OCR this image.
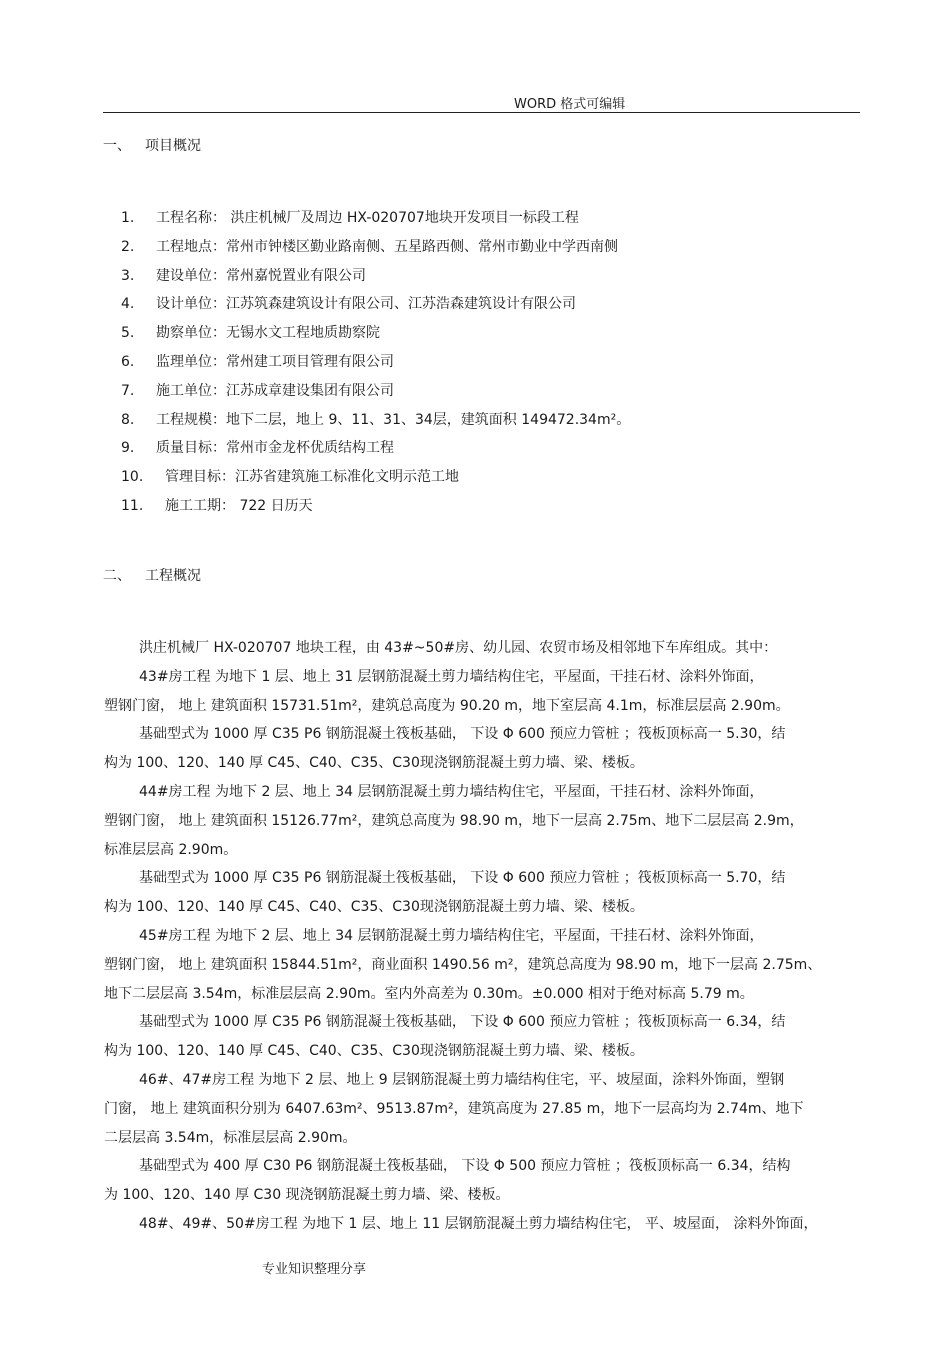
WORD 格式可编辑
一、 项目概况
1. 工程名称： 洪庄机械厂及周边 HX-020707地块开发项目一标段工程
2. 工程地点：常州市钟楼区勤业路南侧、五星路西侧、常州市勤业中学西南侧
3. 建设单位：常州嘉悦置业有限公司
4. 设计单位：江苏筑森建筑设计有限公司、江苏浩森建筑设计有限公司
5. 勘察单位：无锡水文工程地质勘察院
6. 监理单位：常州建工项目管理有限公司
7. 施工单位：江苏成章建设集团有限公司
8. 工程规模：地下二层，地上 9、11、31、34层，建筑面积 149472.34m²。
9. 质量目标：常州市金龙杯优质结构工程
10. 管理目标：江苏省建筑施工标准化文明示范工地
11. 施工工期： 722 日历天
二、 工程概况
洪庄机械厂 HX-020707 地块工程，由 43#~50#房、幼儿园、农贸市场及相邻地下车库组成。其中：
43#房工程 为地下 1 层、地上 31 层钢筋混凝土剪力墙结构住宅，平屋面，干挂石材、涂料外饰面，
塑钢门窗， 地上 建筑面积 15731.51m²，建筑总高度为 90.20 m，地下室层高 4.1m，标准层层高 2.90m。
基础型式为 1000 厚 C35 P6 钢筋混凝土筏板基础， 下设 Φ 600 预应力管桩 ；筏板顶标高一 5.30，结
构为 100、120、140 厚 C45、C40、C35、C30现浇钢筋混凝土剪力墙、梁、楼板。
44#房工程 为地下 2 层、地上 34 层钢筋混凝土剪力墙结构住宅，平屋面，干挂石材、涂料外饰面，
塑钢门窗， 地上 建筑面积 15126.77m²，建筑总高度为 98.90 m，地下一层高 2.75m、地下二层层高 2.9m，
标准层层高 2.90m。
基础型式为 1000 厚 C35 P6 钢筋混凝土筏板基础， 下设 Φ 600 预应力管桩 ；筏板顶标高一 5.70，结
构为 100、120、140 厚 C45、C40、C35、C30现浇钢筋混凝土剪力墙、梁、楼板。
45#房工程 为地下 2 层、地上 34 层钢筋混凝土剪力墙结构住宅，平屋面，干挂石材、涂料外饰面，
塑钢门窗， 地上 建筑面积 15844.51m²，商业面积 1490.56 m²，建筑总高度为 98.90 m，地下一层高 2.75m、
地下二层层高 3.54m，标准层层高 2.90m。室内外高差为 0.30m。±0.000 相对于绝对标高 5.79 m。
基础型式为 1000 厚 C35 P6 钢筋混凝土筏板基础， 下设 Φ 600 预应力管桩 ；筏板顶标高一 6.34，结
构为 100、120、140 厚 C45、C40、C35、C30现浇钢筋混凝土剪力墙、梁、楼板。
46#、47#房工程 为地下 2 层、地上 9 层钢筋混凝土剪力墙结构住宅，平、坡屋面，涂料外饰面，塑钢
门窗， 地上 建筑面积分别为 6407.63m²、9513.87m²，建筑高度为 27.85 m，地下一层高均为 2.74m、地下
二层层高 3.54m，标准层层高 2.90m。
基础型式为 400 厚 C30 P6 钢筋混凝土筏板基础， 下设 Φ 500 预应力管桩 ；筏板顶标高一 6.34，结构
为 100、120、140 厚 C30 现浇钢筋混凝土剪力墙、梁、楼板。
48#、49#、50#房工程 为地下 1 层、地上 11 层钢筋混凝土剪力墙结构住宅， 平、坡屋面， 涂料外饰面，
专业知识整理分享
